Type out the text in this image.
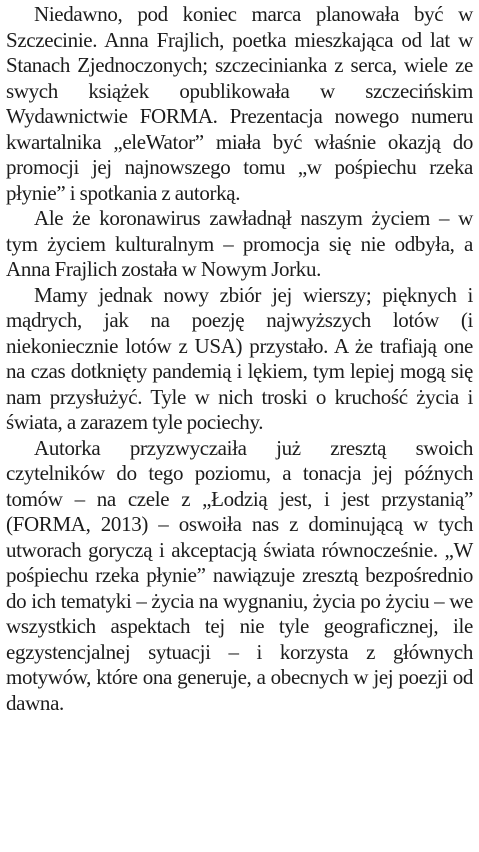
Niedawno, pod koniec marca planowała być w Szczecinie. Anna Frajlich, poetka mieszkająca od lat w Stanach Zjednoczonych; szczecinianka z serca, wiele ze swych książek opublikowała w szczecińskim Wydawnictwie FORMA. Prezentacja nowego numeru kwartalnika „eleWator” miała być właśnie okazją do promocji jej najnowszego tomu „w pośpiechu rzeka płynie” i spotkania z autorką.

Ale że koronawirus zawładnął naszym życiem – w tym życiem kulturalnym – promocja się nie odbyła, a Anna Frajlich została w Nowym Jorku.

Mamy jednak nowy zbiór jej wierszy; pięknych i mądrych, jak na poezję najwyższych lotów (i niekoniecznie lotów z USA) przystało. A że trafiają one na czas dotknięty pandemią i lękiem, tym lepiej mogą się nam przysłużyć. Tyle w nich troski o kruchość życia i świata, a zarazem tyle pociechy.

Autorka przyzwyczaiła już zresztą swoich czytelników do tego poziomu, a tonacja jej późnych tomów – na czele z „Łodzią jest, i jest przystanią” (FORMA, 2013) – oswoiła nas z dominującą w tych utworach goryczą i akceptacją świata równocześnie. „W pośpiechu rzeka płynie” nawiązuje zresztą bezpośrednio do ich tematyki – życia na wygnaniu, życia po życiu – we wszystkich aspektach tej nie tyle geograficznej, ile egzystencjalnej sytuacji – i korzysta z głównych motywów, które ona generuje, a obecnych w jej poezji od dawna.
